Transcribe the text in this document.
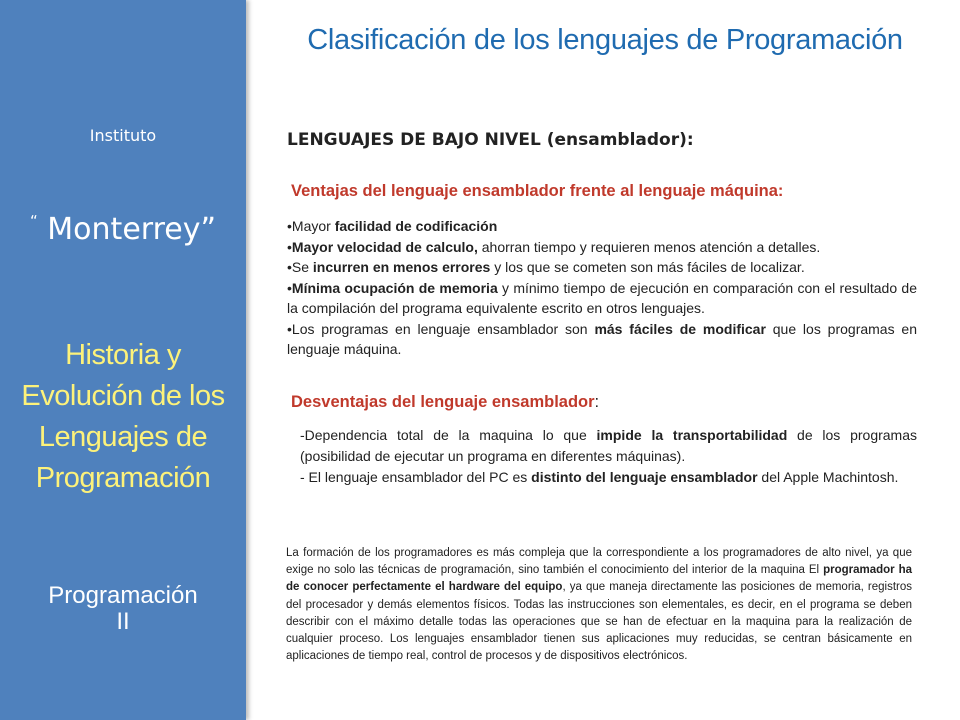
Instituto
“ Monterrey”
Historia y
Evolución de los
Lenguajes de
Programación
Programación
II
Clasificación de los lenguajes de Programación
LENGUAJES DE BAJO NIVEL (ensamblador):
Ventajas del lenguaje ensamblador frente al lenguaje máquina:

•Mayor facilidad de codificación

•Mayor velocidad de calculo, ahorran tiempo y requieren menos atención a detalles.

•Se incurren en menos errores y los que se cometen son más fáciles de localizar.

•Mínima ocupación de memoria y mínimo tiempo de ejecución en comparación con el resultado de la compilación del programa equivalente escrito en otros lenguajes.

•Los programas en lenguaje ensamblador son más fáciles de modificar que los programas en lenguaje máquina.

Desventajas del lenguaje ensamblador:

-Dependencia total de la maquina lo que impide la transportabilidad de los programas (posibilidad de ejecutar un programa en diferentes máquinas).

- El lenguaje ensamblador del PC es distinto del lenguaje ensamblador del Apple Machintosh.

La formación de los programadores es más compleja que la correspondiente a los programadores de alto nivel, ya que exige no solo las técnicas de programación, sino también el conocimiento del interior de la maquina El programador ha de conocer perfectamente el hardware del equipo, ya que maneja directamente las posiciones de memoria, registros del procesador y demás elementos físicos. Todas las instrucciones son elementales, es decir, en el programa se deben describir con el máximo detalle todas las operaciones que se han de efectuar en la maquina para la realización de cualquier proceso. Los lenguajes ensamblador tienen sus aplicaciones muy reducidas, se centran básicamente en aplicaciones de tiempo real, control de procesos y de dispositivos electrónicos.
